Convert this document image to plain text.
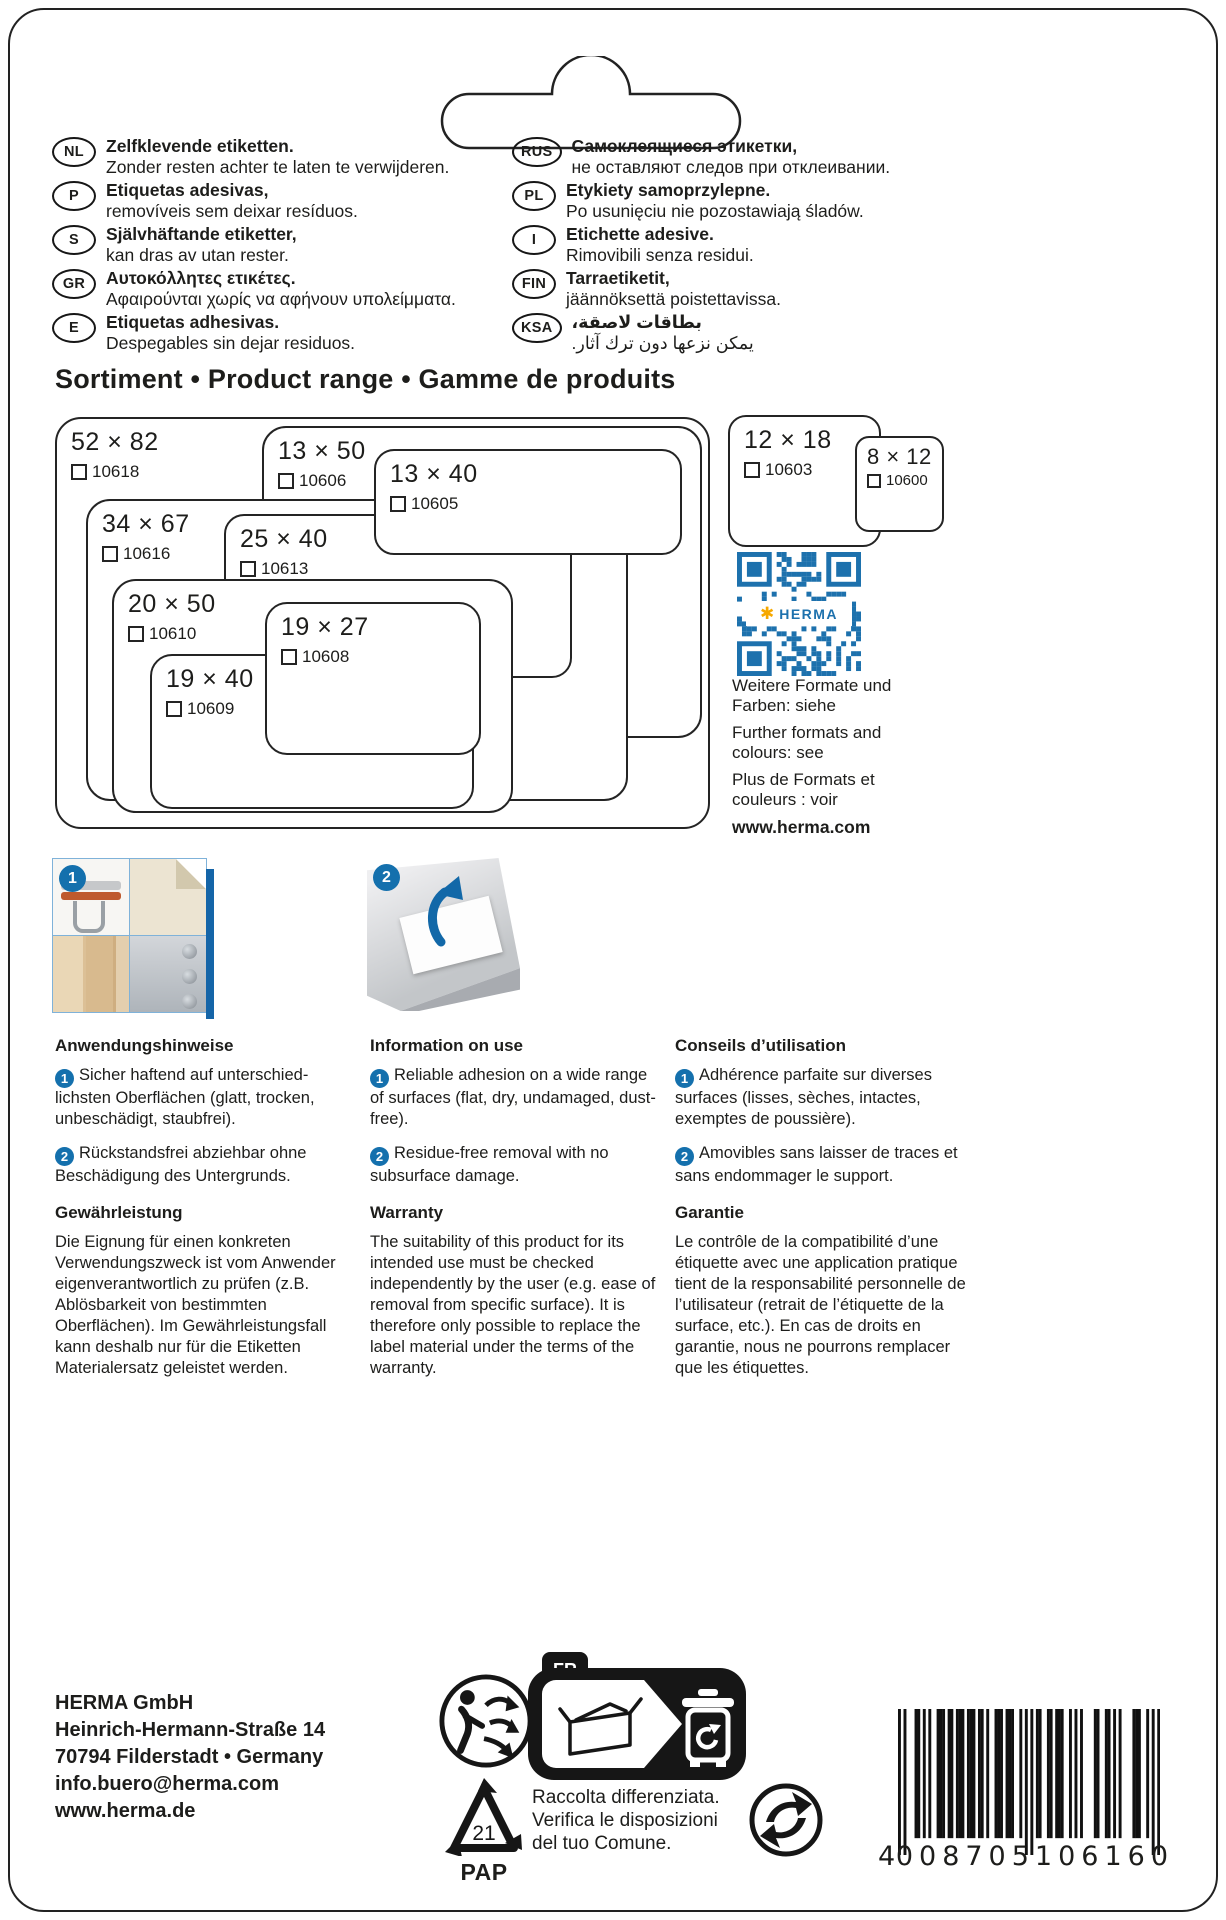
NL	Zelfklevende etiketten.
Zonder resten achter te laten te verwijderen.
P	Etiquetas adesivas,
removíveis sem deixar resíduos.
S	Självhäftande etiketter,
kan dras av utan rester.
GR	Αυτοκόλλητες ετικέτες.
Αφαιρούνται χωρίς να αφήνουν υπολείμματα.
E	Etiquetas adhesivas.
Despegables sin dejar residuos.
RUS	Самоклеящиеся этикетки,
не оставляют следов при отклеивании.
PL	Etykiety samoprzylepne.
Po usunięciu nie pozostawiają śladów.
I	Etichette adesive.
Rimovibili senza residui.
FIN	Tarraetiketit,
jäännöksettä poistettavissa.
KSA	بطاقات لاصقة،
يمكن نزعها دون ترك آثار.
Sortiment • Product range • Gamme de produits
52 × 82
10618
13 × 50
10606
34 × 67
10616
25 × 40
10613
13 × 40
10605
20 × 50
10610
19 × 40
10609
19 × 27
10608
12 × 18
10603
8 × 12
10600
✱ HERMA
Weitere Formate und Farben: siehe
Further formats and colours: see
Plus de Formats et couleurs : voir
www.herma.com
1	2
Anwendungshinweise

1 Sicher haftend auf unterschied-lichsten Oberflächen (glatt, trocken, unbeschädigt, staubfrei).

2 Rückstandsfrei abziehbar ohne Beschädigung des Untergrunds.

Gewährleistung

Die Eignung für einen konkreten Verwendungszweck ist vom Anwender eigenverantwortlich zu prüfen (z.B. Ablösbarkeit von bestimmten Oberflächen). Im Gewährleistungsfall kann deshalb nur für die Etiketten Materialersatz geleistet werden.

Information on use

1 Reliable adhesion on a wide range of surfaces (flat, dry, undamaged, dust-free).

2 Residue-free removal with no subsurface damage.

Warranty

The suitability of this product for its intended use must be checked independently by the user (e.g. ease of removal from specific surface). It is therefore only possible to replace the label material under the terms of the warranty.

Conseils d’utilisation

1 Adhérence parfaite sur diverses surfaces (lisses, sèches, intactes, exemptes de poussière).

2 Amovibles sans laisser de traces et sans endommager le support.

Garantie

Le contrôle de la compatibilité d’une étiquette avec une application pratique tient de la responsabilité personnelle de l’utilisateur (retrait de l’étiquette de la surface, etc.). En cas de droits en garantie, nous ne pourrons remplacer que les étiquettes.

HERMA GmbH
Heinrich-Hermann-Straße 14
70794 Filderstadt • Germany
info.buero@herma.com
www.herma.de
21
PAP
Raccolta differenziata.
Verifica le disposizioni
del tuo Comune.	4 008705 106160
